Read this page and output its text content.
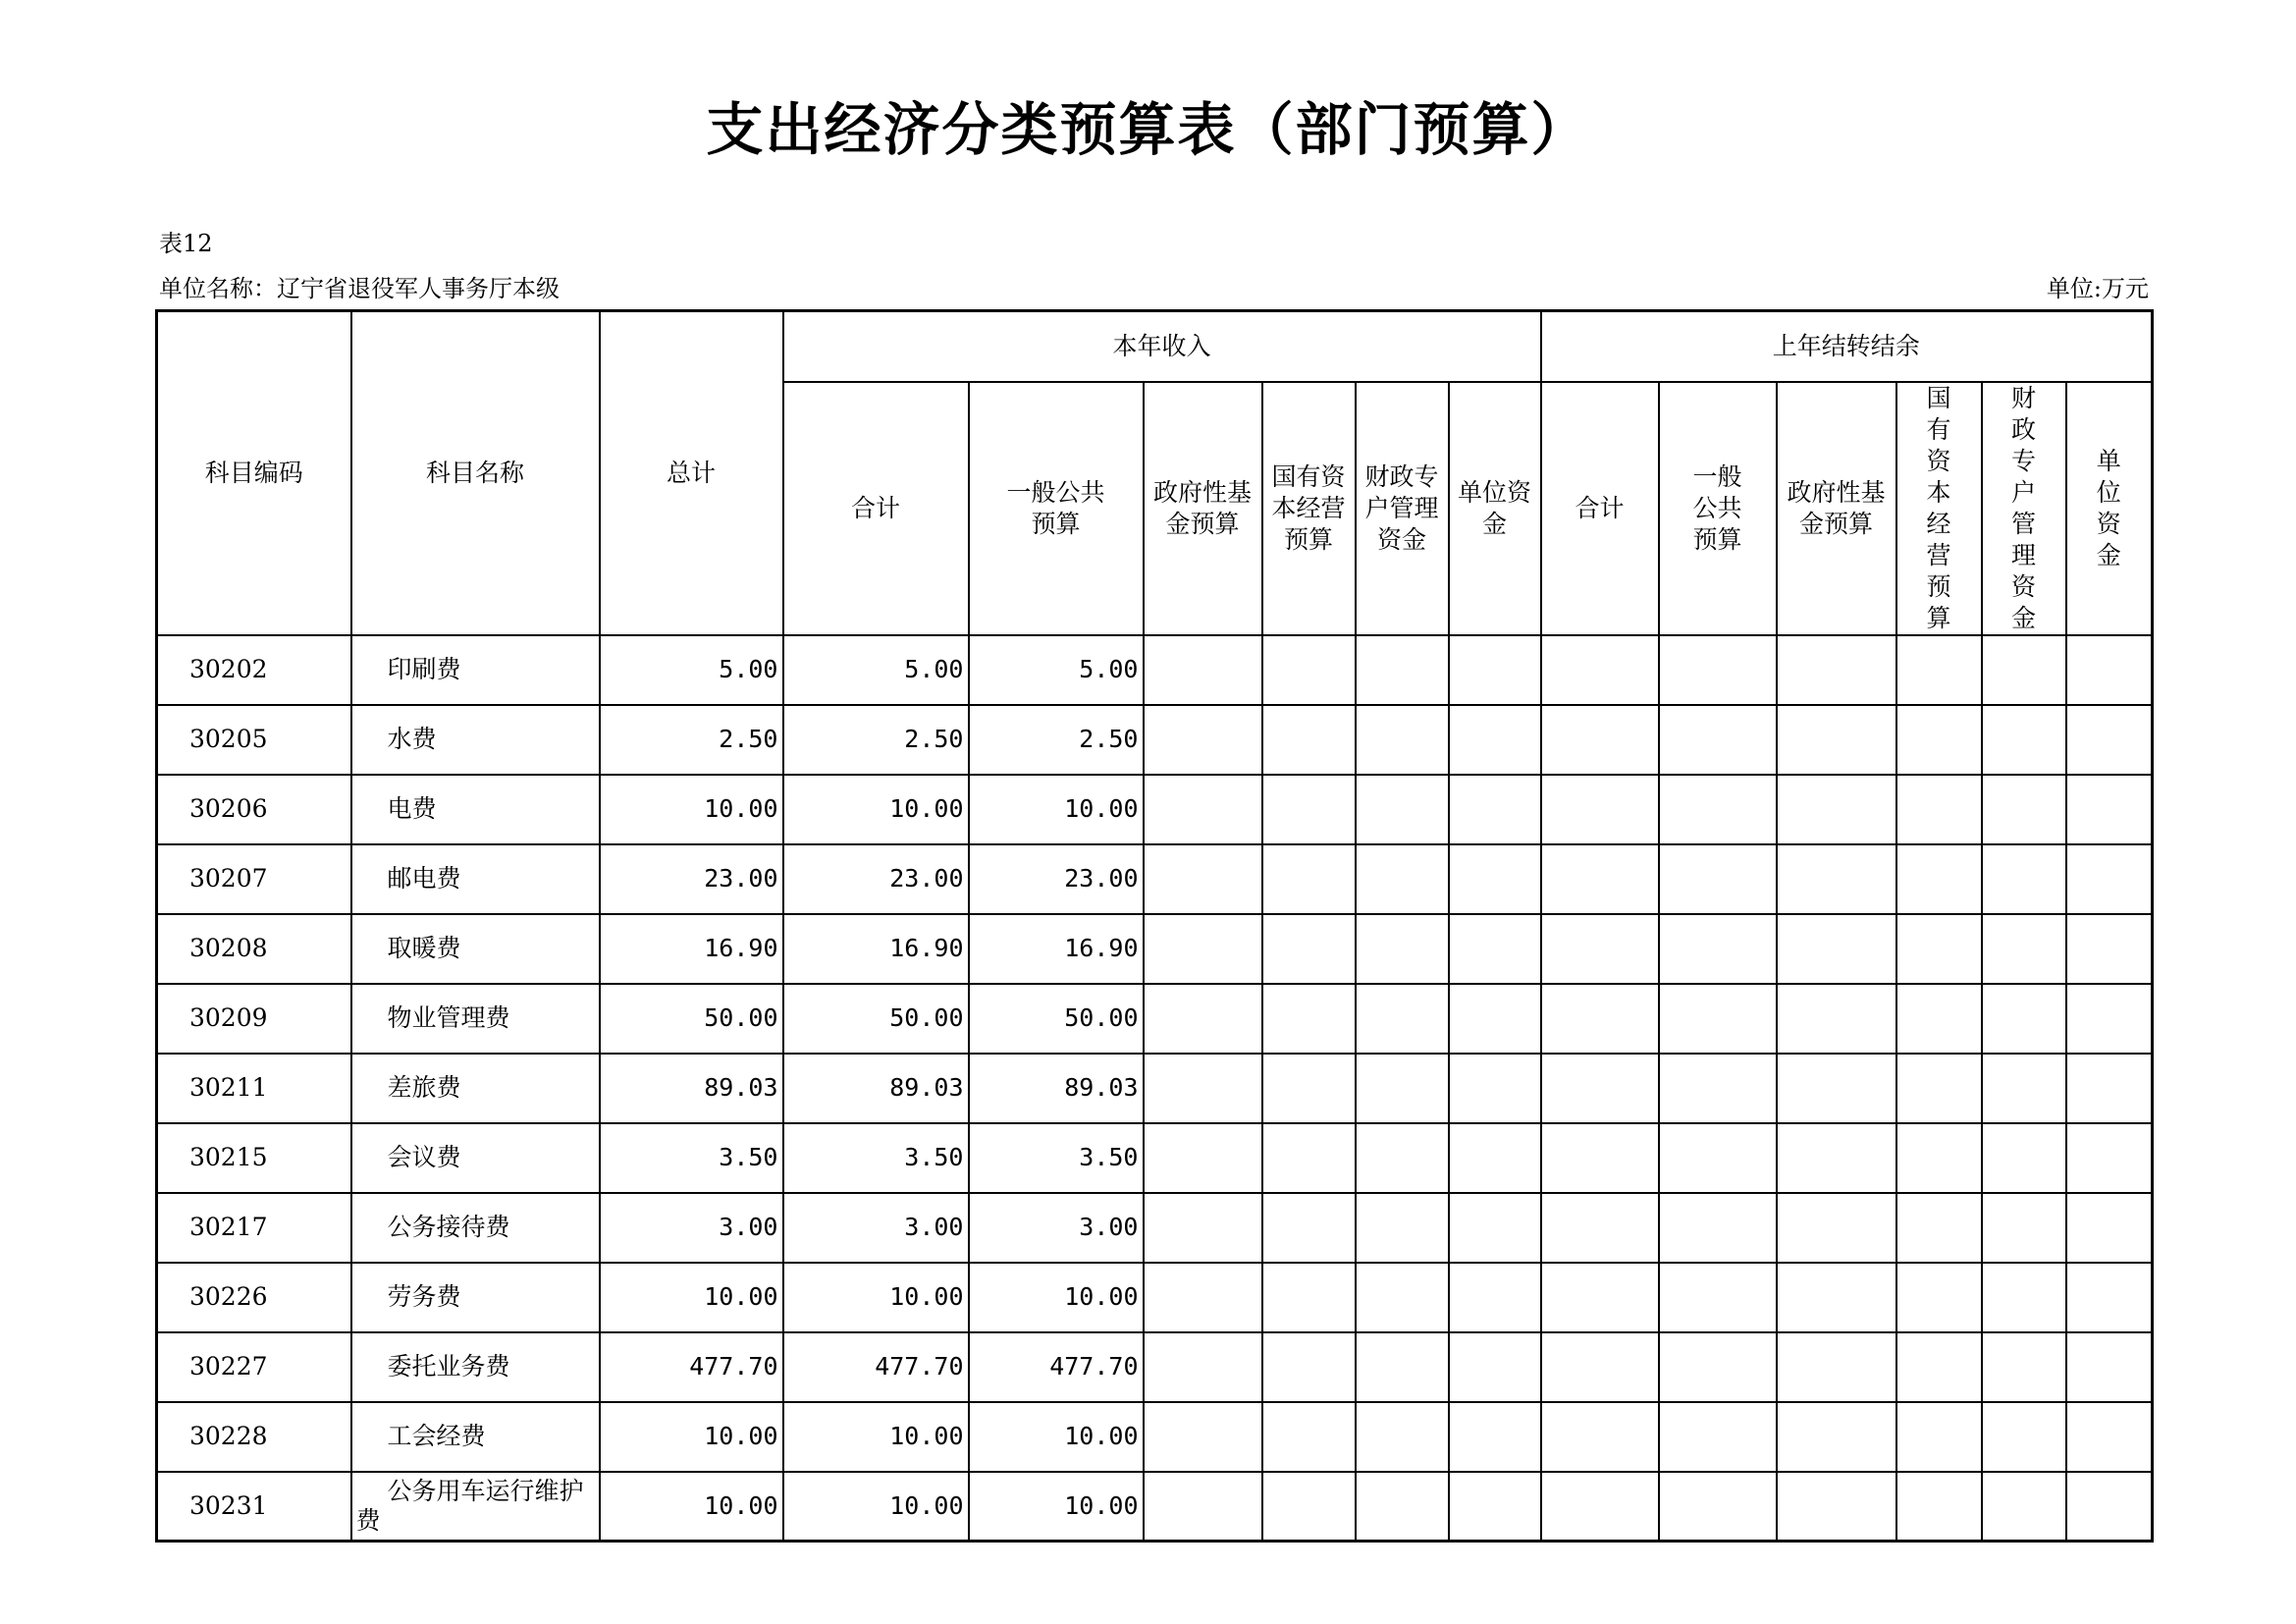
支出经济分类预算表（部门预算）
表12
单位名称：辽宁省退役军人事务厅本级	单位:万元
科目编码	科目名称	总计	本年收入						上年结转结余					
			合计	一般公共预算	政府性基金预算	国有资本经营预算	财政专户管理资金	单位资金	合计	一般公共预算	政府性基金预算	国有资本经营预算	财政专户管理资金	单位资金
30202	印刷费	5.00	5.00	5.00										
30205	水费	2.50	2.50	2.50										
30206	电费	10.00	10.00	10.00										
30207	邮电费	23.00	23.00	23.00										
30208	取暖费	16.90	16.90	16.90										
30209	物业管理费	50.00	50.00	50.00										
30211	差旅费	89.03	89.03	89.03										
30215	会议费	3.50	3.50	3.50										
30217	公务接待费	3.00	3.00	3.00										
30226	劳务费	10.00	10.00	10.00										
30227	委托业务费	477.70	477.70	477.70										
30228	工会经费	10.00	10.00	10.00										
30231	公务用车运行维护费	10.00	10.00	10.00										
